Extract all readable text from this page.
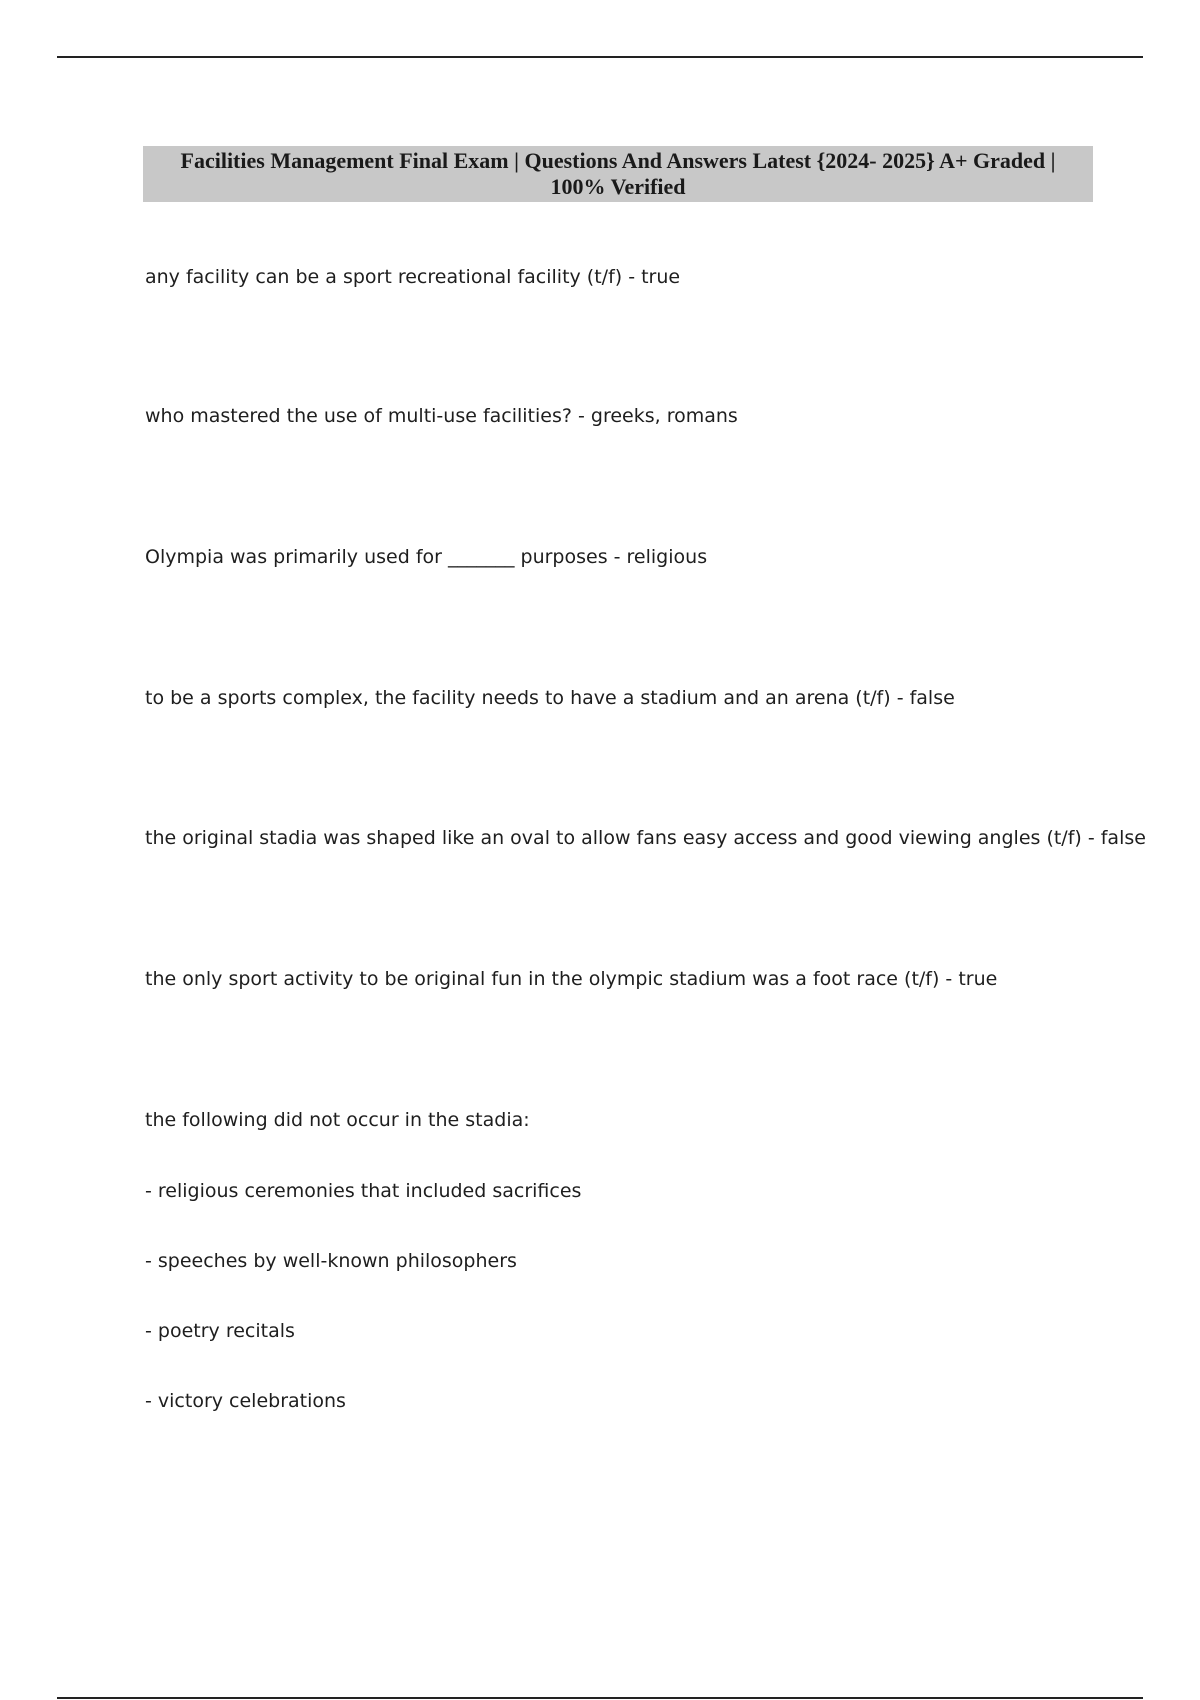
Facilities Management Final Exam | Questions And Answers Latest {2024- 2025} A+ Graded | 100% Verified
any facility can be a sport recreational facility (t/f) - true
who mastered the use of multi-use facilities? - greeks, romans
Olympia was primarily used for _______ purposes - religious
to be a sports complex, the facility needs to have a stadium and an arena (t/f) - false
the original stadia was shaped like an oval to allow fans easy access and good viewing angles (t/f) - false
the only sport activity to be original fun in the olympic stadium was a foot race (t/f) - true
the following did not occur in the stadia:
- religious ceremonies that included sacrifices
- speeches by well-known philosophers
- poetry recitals
- victory celebrations
